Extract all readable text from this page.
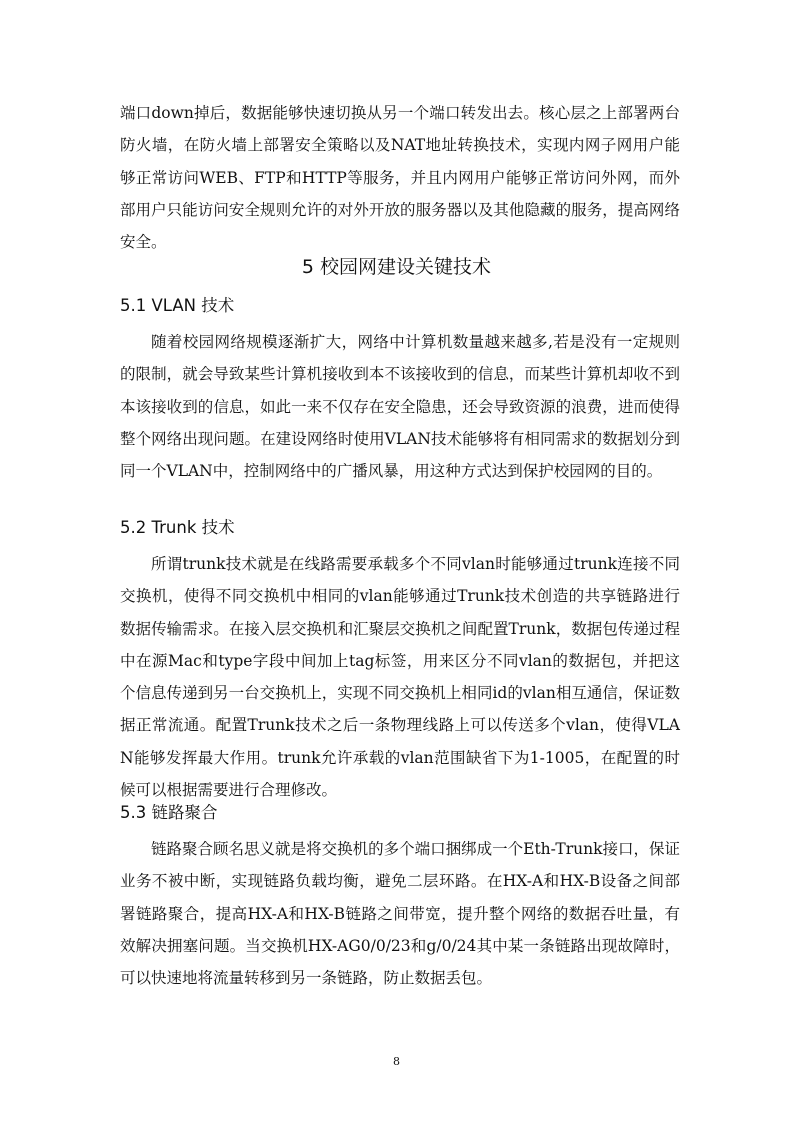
端口down掉后，数据能够快速切换从另一个端口转发出去。核心层之上部署两台防火墙，在防火墙上部署安全策略以及NAT地址转换技术，实现内网子网用户能够正常访问WEB、FTP和HTTP等服务，并且内网用户能够正常访问外网，而外部用户只能访问安全规则允许的对外开放的服务器以及其他隐藏的服务，提高网络安全。

5 校园网建设关键技术
5.1 VLAN 技术

随着校园网络规模逐渐扩大，网络中计算机数量越来越多,若是没有一定规则的限制，就会导致某些计算机接收到本不该接收到的信息，而某些计算机却收不到本该接收到的信息，如此一来不仅存在安全隐患，还会导致资源的浪费，进而使得整个网络出现问题。在建设网络时使用VLAN技术能够将有相同需求的数据划分到同一个VLAN中，控制网络中的广播风暴，用这种方式达到保护校园网的目的。

5.2 Trunk 技术

所谓trunk技术就是在线路需要承载多个不同vlan时能够通过trunk连接不同交换机，使得不同交换机中相同的vlan能够通过Trunk技术创造的共享链路进行数据传输需求。在接入层交换机和汇聚层交换机之间配置Trunk，数据包传递过程中在源Mac和type字段中间加上tag标签，用来区分不同vlan的数据包，并把这个信息传递到另一台交换机上，实现不同交换机上相同id的vlan相互通信，保证数据正常流通。配置Trunk技术之后一条物理线路上可以传送多个vlan，使得VLAN能够发挥最大作用。trunk允许承载的vlan范围缺省下为1-1005，在配置的时候可以根据需要进行合理修改。

5.3 链路聚合

链路聚合顾名思义就是将交换机的多个端口捆绑成一个Eth-Trunk接口，保证业务不被中断，实现链路负载均衡，避免二层环路。在HX-A和HX-B设备之间部署链路聚合，提高HX-A和HX-B链路之间带宽，提升整个网络的数据吞吐量，有效解决拥塞问题。当交换机HX-AG0/0/23和g/0/24其中某一条链路出现故障时，可以快速地将流量转移到另一条链路，防止数据丢包。

8
